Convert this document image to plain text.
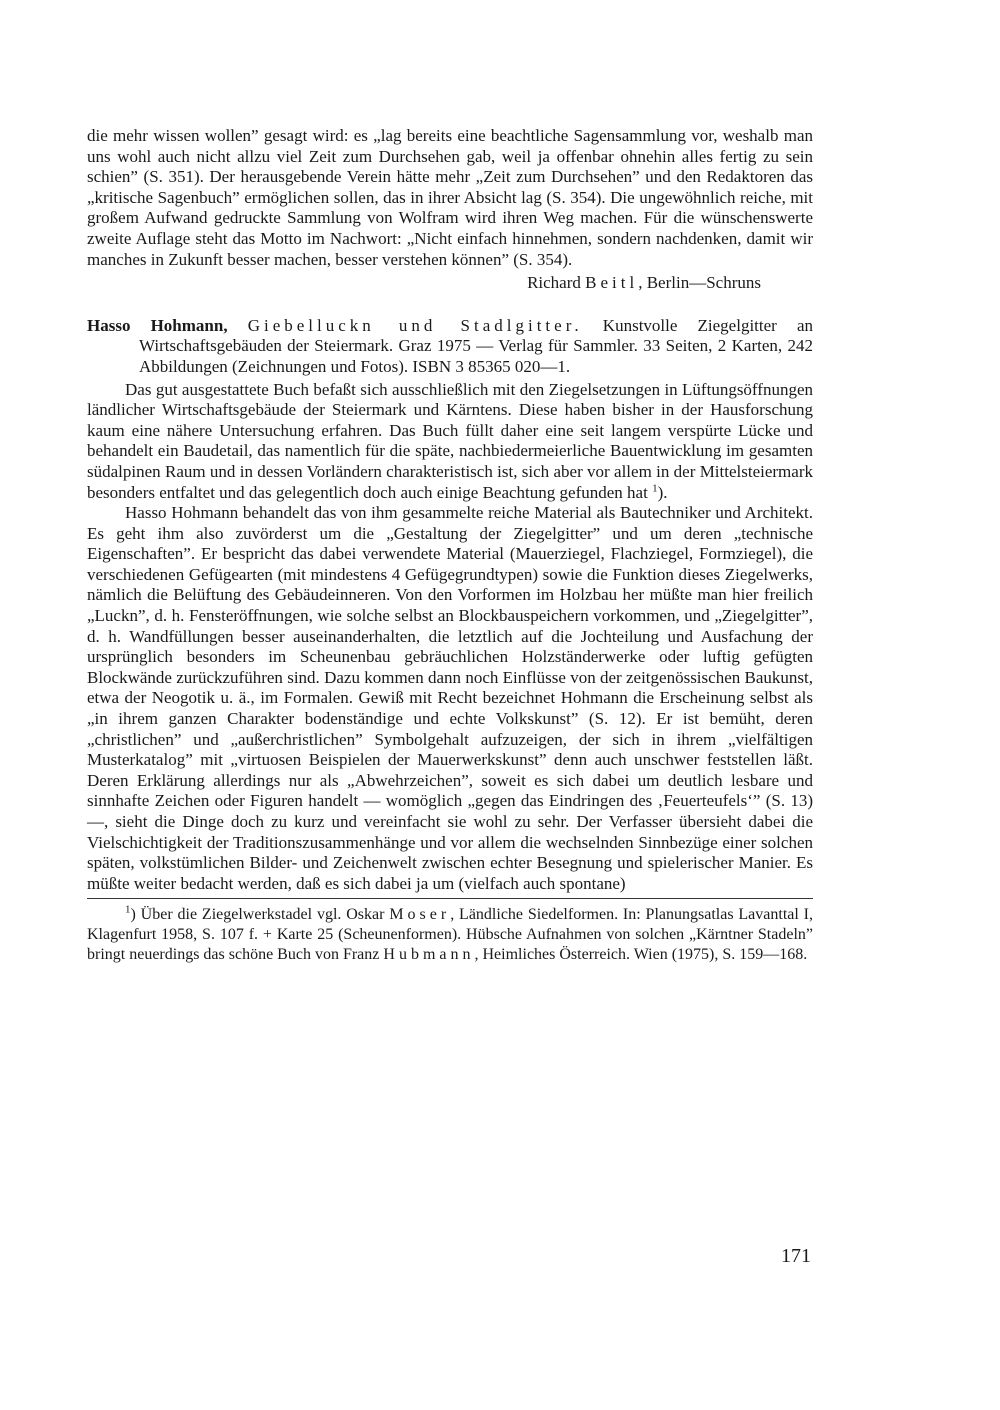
die mehr wissen wollen” gesagt wird: es „lag bereits eine beachtliche Sagensammlung vor, weshalb man uns wohl auch nicht allzu viel Zeit zum Durchsehen gab, weil ja offenbar ohnehin alles fertig zu sein schien” (S. 351). Der herausgebende Verein hätte mehr „Zeit zum Durchsehen” und den Redaktoren das „kritische Sagenbuch” ermöglichen sollen, das in ihrer Absicht lag (S. 354). Die ungewöhnlich reiche, mit großem Aufwand gedruckte Sammlung von Wolfram wird ihren Weg machen. Für die wünschenswerte zweite Auflage steht das Motto im Nachwort: „Nicht einfach hinnehmen, sondern nachdenken, damit wir manches in Zukunft besser machen, besser verstehen können” (S. 354).

Richard Beitl, Berlin—Schruns

Hasso Hohmann, Giebelluckn und Stadlgitter. Kunstvolle Ziegelgitter an Wirtschaftsgebäuden der Steiermark. Graz 1975 — Verlag für Sammler. 33 Seiten, 2 Karten, 242 Abbildungen (Zeichnungen und Fotos). ISBN 3 85365 020—1.

Das gut ausgestattete Buch befaßt sich ausschließlich mit den Ziegelsetzungen in Lüftungsöffnungen ländlicher Wirtschaftsgebäude der Steiermark und Kärntens. Diese haben bisher in der Hausforschung kaum eine nähere Untersuchung erfahren. Das Buch füllt daher eine seit langem verspürte Lücke und behandelt ein Baudetail, das namentlich für die späte, nachbiedermeierliche Bauentwicklung im gesamten südalpinen Raum und in dessen Vorländern charakteristisch ist, sich aber vor allem in der Mittelsteiermark besonders entfaltet und das gelegentlich doch auch einige Beachtung gefunden hat $^1$).

Hasso Hohmann behandelt das von ihm gesammelte reiche Material als Bautechniker und Architekt. Es geht ihm also zuvörderst um die „Gestaltung der Ziegelgitter” und um deren „technische Eigenschaften”. Er bespricht das dabei verwendete Material (Mauerziegel, Flachziegel, Formziegel), die verschiedenen Gefügearten (mit mindestens 4 Gefügegrundtypen) sowie die Funktion dieses Ziegelwerks, nämlich die Belüftung des Gebäudeinneren. Von den Vorformen im Holzbau her müßte man hier freilich „Luckn”, d. h. Fensteröffnungen, wie solche selbst an Blockbauspeichern vorkommen, und „Ziegelgitter”, d. h. Wandfüllungen besser auseinanderhalten, die letztlich auf die Jochteilung und Ausfachung der ursprünglich besonders im Scheunenbau gebräuchlichen Holzständerwerke oder luftig gefügten Blockwände zurückzuführen sind. Dazu kommen dann noch Einflüsse von der zeitgenössischen Baukunst, etwa der Neogotik u. ä., im Formalen. Gewiß mit Recht bezeichnet Hohmann die Erscheinung selbst als „in ihrem ganzen Charakter bodenständige und echte Volkskunst” (S. 12). Er ist bemüht, deren „christlichen” und „außerchristlichen” Symbolgehalt aufzuzeigen, der sich in ihrem „vielfältigen Musterkatalog” mit „virtuosen Beispielen der Mauerwerkskunst” denn auch unschwer feststellen läßt. Deren Erklärung allerdings nur als „Abwehrzeichen”, soweit es sich dabei um deutlich lesbare und sinnhafte Zeichen oder Figuren handelt — womöglich „gegen das Eindringen des ‚Feuerteufels‘” (S. 13) —, sieht die Dinge doch zu kurz und vereinfacht sie wohl zu sehr. Der Verfasser übersieht dabei die Vielschichtigkeit der Traditionszusammenhänge und vor allem die wechselnden Sinnbezüge einer solchen späten, volkstümlichen Bilder- und Zeichenwelt zwischen echter Besegnung und spielerischer Manier. Es müßte weiter bedacht werden, daß es sich dabei ja um (vielfach auch spontane)

$^1$) Über die Ziegelwerkstadel vgl. Oskar Moser, Ländliche Siedelformen. In: Planungsatlas Lavanttal I, Klagenfurt 1958, S. 107 f. + Karte 25 (Scheunenformen). Hübsche Aufnahmen von solchen „Kärntner Stadeln” bringt neuerdings das schöne Buch von Franz Hubmann, Heimliches Österreich. Wien (1975), S. 159—168.

171
